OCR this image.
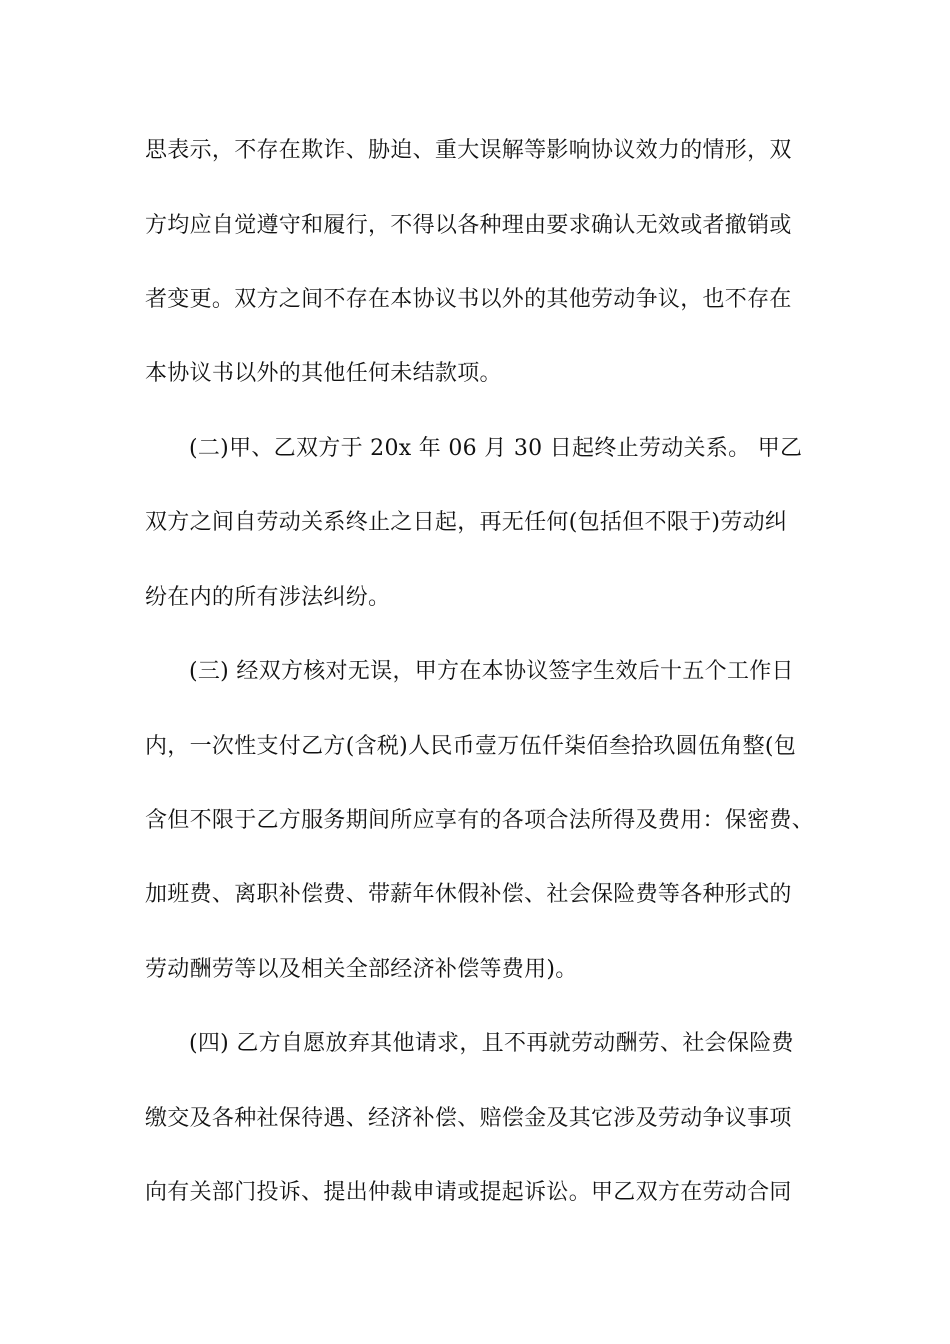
思表示，不存在欺诈、胁迫、重大误解等影响协议效力的情形，双
方均应自觉遵守和履行，不得以各种理由要求确认无效或者撤销或
者变更。双方之间不存在本协议书以外的其他劳动争议，也不存在
本协议书以外的其他任何未结款项。
(二)甲、乙双方于 20x 年 06 月 30 日起终止劳动关系。 甲乙
双方之间自劳动关系终止之日起，再无任何(包括但不限于)劳动纠
纷在内的所有涉法纠纷。
(三) 经双方核对无误，甲方在本协议签字生效后十五个工作日
内，一次性支付乙方(含税)人民币壹万伍仟柒佰叁拾玖圆伍角整(包
含但不限于乙方服务期间所应享有的各项合法所得及费用：保密费、
加班费、离职补偿费、带薪年休假补偿、社会保险费等各种形式的
劳动酬劳等以及相关全部经济补偿等费用)。
(四) 乙方自愿放弃其他请求，且不再就劳动酬劳、社会保险费
缴交及各种社保待遇、经济补偿、赔偿金及其它涉及劳动争议事项
向有关部门投诉、提出仲裁申请或提起诉讼。甲乙双方在劳动合同
